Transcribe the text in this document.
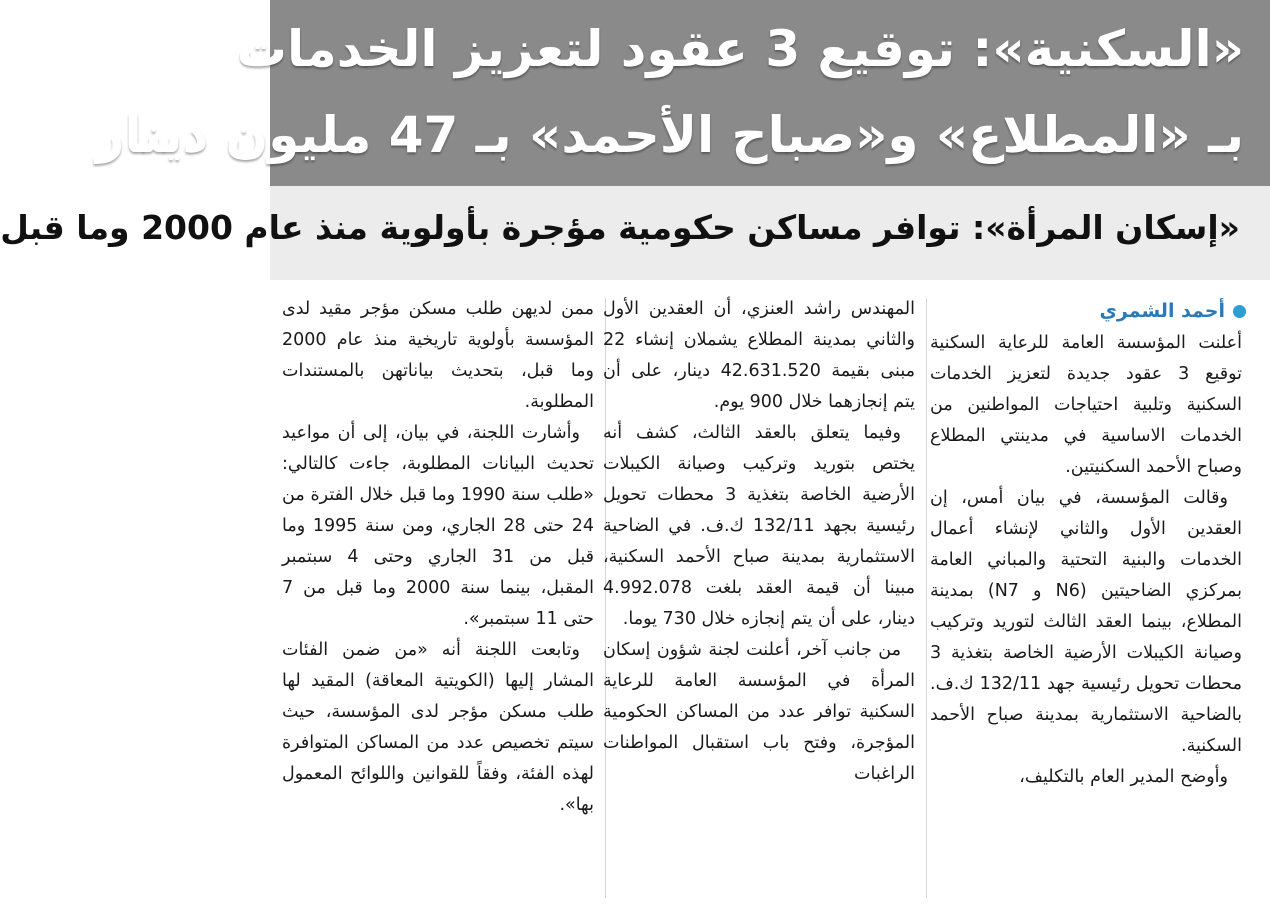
«السكنية»: توقيع 3 عقود لتعزيز الخدمات
بـ «المطلاع» و«صباح الأحمد» بـ 47 مليون دينار
«إسكان المرأة»: توافر مساكن حكومية مؤجرة بأولوية منذ عام 2000 وما قبل
أحمد الشمري

أعلنت المؤسسة العامة للرعاية السكنية توقيع 3 عقود جديدة لتعزيز الخدمات السكنية وتلبية احتياجات المواطنين من الخدمات الاساسية في مدينتي المطلاع وصباح الأحمد السكنيتين.

وقالت المؤسسة، في بيان أمس، إن العقدين الأول والثاني لإنشاء أعمال الخدمات والبنية التحتية والمباني العامة بمركزي الضاحيتين (N6 و N7) بمدينة المطلاع، بينما العقد الثالث لتوريد وتركيب وصيانة الكيبلات الأرضية الخاصة بتغذية 3 محطات تحويل رئيسية جهد 132/11 ك.ف. بالضاحية الاستثمارية بمدينة صباح الأحمد السكنية.

وأوضح المدير العام بالتكليف،

المهندس راشد العنزي، أن العقدين الأول والثاني بمدينة المطلاع يشملان إنشاء 22 مبنى بقيمة 42.631.520 دينار، على أن يتم إنجازهما خلال 900 يوم.

وفيما يتعلق بالعقد الثالث، كشف أنه يختص بتوريد وتركيب وصيانة الكيبلات الأرضية الخاصة بتغذية 3 محطات تحويل رئيسية بجهد 132/11 ك.ف. في الضاحية الاستثمارية بمدينة صباح الأحمد السكنية، مبينا أن قيمة العقد بلغت 4.992.078 دينار، على أن يتم إنجازه خلال 730 يوما.

من جانب آخر، أعلنت لجنة شؤون إسكان المرأة في المؤسسة العامة للرعاية السكنية توافر عدد من المساكن الحكومية المؤجرة، وفتح باب استقبال المواطنات الراغبات

ممن لديهن طلب مسكن مؤجر مقيد لدى المؤسسة بأولوية تاريخية منذ عام 2000 وما قبل، بتحديث بياناتهن بالمستندات المطلوبة.

وأشارت اللجنة، في بيان، إلى أن مواعيد تحديث البيانات المطلوبة، جاءت كالتالي: «طلب سنة 1990 وما قبل خلال الفترة من 24 حتى 28 الجاري، ومن سنة 1995 وما قبل من 31 الجاري وحتى 4 سبتمبر المقبل، بينما سنة 2000 وما قبل من 7 حتى 11 سبتمبر».

وتابعت اللجنة أنه «من ضمن الفئات المشار إليها (الكويتية المعاقة) المقيد لها طلب مسكن مؤجر لدى المؤسسة، حيث سيتم تخصيص عدد من المساكن المتوافرة لهذه الفئة، وفقاً للقوانين واللوائح المعمول بها».
